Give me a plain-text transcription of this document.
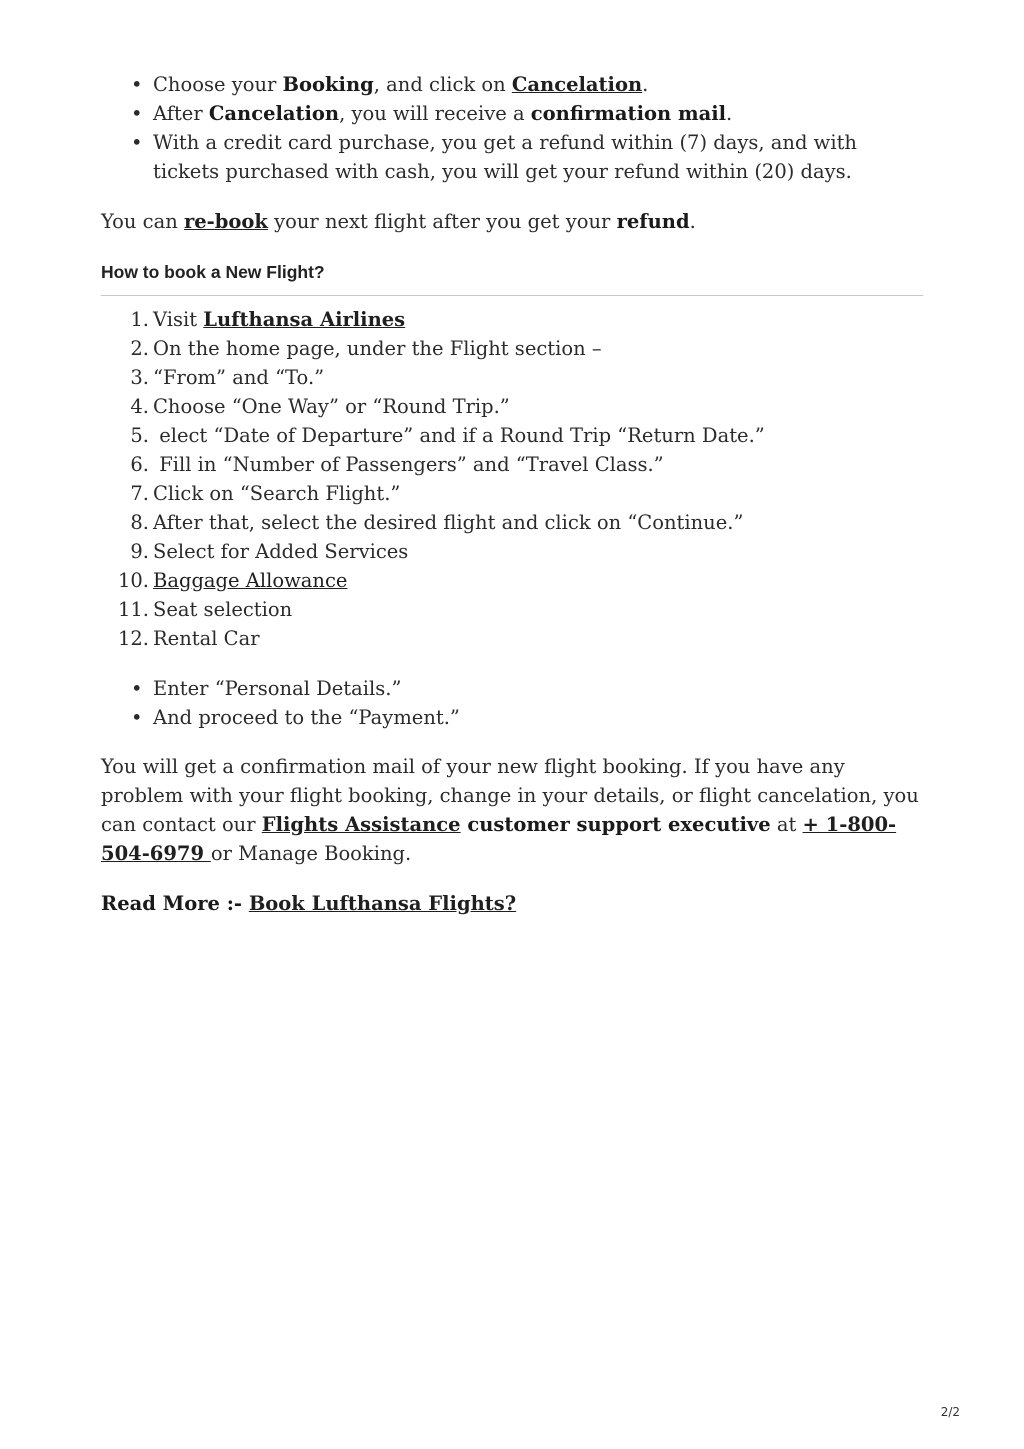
• Choose your Booking, and click on Cancelation.
• After Cancelation, you will receive a confirmation mail.
• With a credit card purchase, you get a refund within (7) days, and with tickets purchased with cash, you will get your refund within (20) days.

You can re-book your next flight after you get your refund.

How to book a New Flight?
1. Visit Lufthansa Airlines
2. On the home page, under the Flight section –
3. “From” and “To.”
4. Choose “One Way” or “Round Trip.”
5. elect “Date of Departure” and if a Round Trip “Return Date.”
6. Fill in “Number of Passengers” and “Travel Class.”
7. Click on “Search Flight.”
8. After that, select the desired flight and click on “Continue.”
9. Select for Added Services
10. Baggage Allowance
11. Seat selection
12. Rental Car
• Enter “Personal Details.”
• And proceed to the “Payment.”

You will get a confirmation mail of your new flight booking. If you have any problem with your flight booking, change in your details, or flight cancelation, you can contact our Flights Assistance customer support executive at + 1-800-504-6979 or Manage Booking.

Read More :- Book Lufthansa Flights?

2/2
